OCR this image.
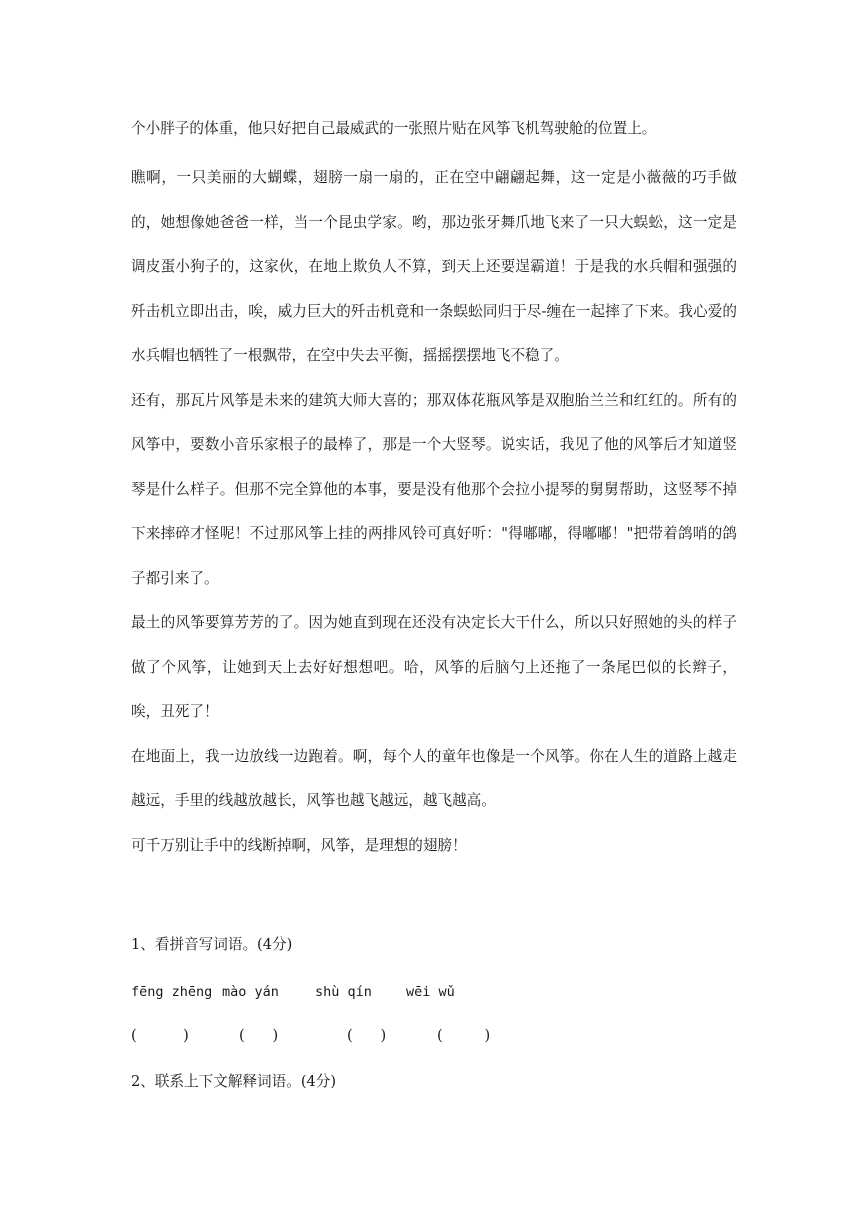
个小胖子的体重，他只好把自己最威武的一张照片贴在风筝飞机驾驶舱的位置上。

瞧啊，一只美丽的大蝴蝶，翅膀一扇一扇的，正在空中翩翩起舞，这一定是小薇薇的巧手做的，她想像她爸爸一样，当一个昆虫学家。哟，那边张牙舞爪地飞来了一只大蜈蚣，这一定是调皮蛋小狗子的，这家伙，在地上欺负人不算，到天上还要逞霸道！于是我的水兵帽和强强的歼击机立即出击，唉，威力巨大的歼击机竟和一条蜈蚣同归于尽-缠在一起摔了下来。我心爱的水兵帽也牺牲了一根飘带，在空中失去平衡，摇摇摆摆地飞不稳了。

还有，那瓦片风筝是未来的建筑大师大喜的；那双体花瓶风筝是双胞胎兰兰和红红的。所有的风筝中，要数小音乐家根子的最棒了，那是一个大竖琴。说实话，我见了他的风筝后才知道竖琴是什么样子。但那不完全算他的本事，要是没有他那个会拉小提琴的舅舅帮助，这竖琴不掉下来摔碎才怪呢！不过那风筝上挂的两排风铃可真好听："得嘟嘟，得嘟嘟！"把带着鸽哨的鸽子都引来了。

最土的风筝要算芳芳的了。因为她直到现在还没有决定长大干什么，所以只好照她的头的样子做了个风筝，让她到天上去好好想想吧。哈，风筝的后脑勺上还拖了一条尾巴似的长辫子，唉，丑死了！

在地面上，我一边放线一边跑着。啊，每个人的童年也像是一个风筝。你在人生的道路上越走越远，手里的线越放越长，风筝也越飞越远，越飞越高。

可千万别让手中的线断掉啊，风筝，是理想的翅膀！

1、看拼音写词语。(4分)
fēng zhēng mào yán	shù qín	wēi wǔ
(          )	(      )	(      )	(         )
2、联系上下文解释词语。(4分)
